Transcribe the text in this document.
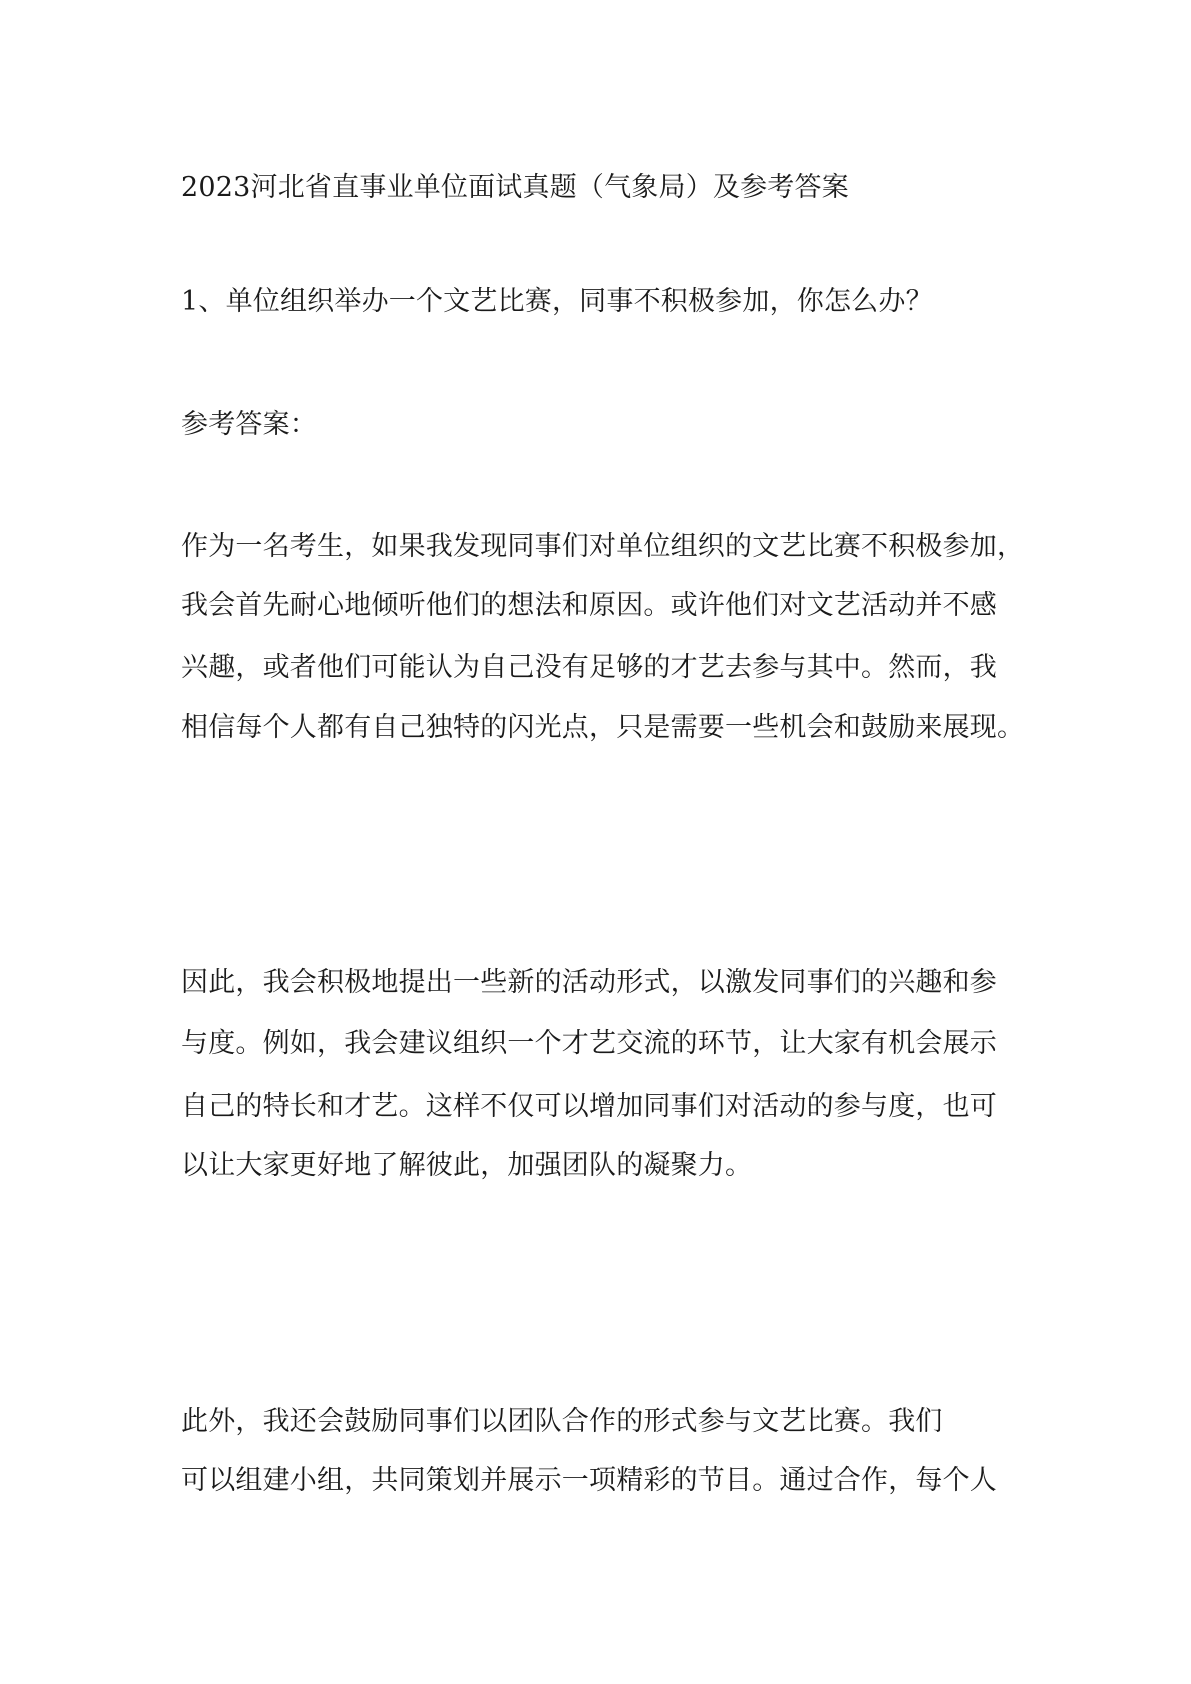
2023河北省直事业单位面试真题（气象局）及参考答案
1、单位组织举办一个文艺比赛，同事不积极参加，你怎么办？
参考答案：
作为一名考生，如果我发现同事们对单位组织的文艺比赛不积极参加，
我会首先耐心地倾听他们的想法和原因。或许他们对文艺活动并不感
兴趣，或者他们可能认为自己没有足够的才艺去参与其中。然而，我
相信每个人都有自己独特的闪光点，只是需要一些机会和鼓励来展现。
因此，我会积极地提出一些新的活动形式，以激发同事们的兴趣和参
与度。例如，我会建议组织一个才艺交流的环节，让大家有机会展示
自己的特长和才艺。这样不仅可以增加同事们对活动的参与度，也可
以让大家更好地了解彼此，加强团队的凝聚力。
此外，我还会鼓励同事们以团队合作的形式参与文艺比赛。我们
可以组建小组，共同策划并展示一项精彩的节目。通过合作，每个人
